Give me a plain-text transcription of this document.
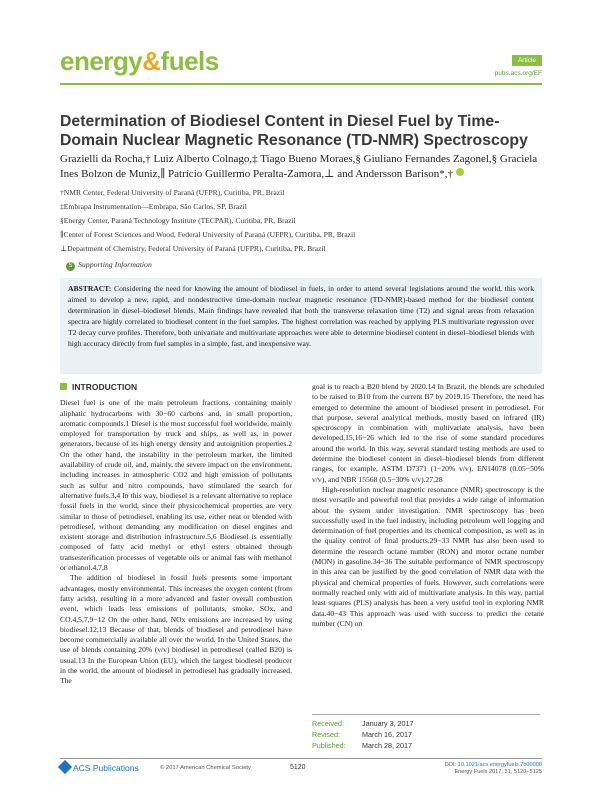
energy&fuels	Article
pubs.acs.org/EF
Determination of Biodiesel Content in Diesel Fuel by Time-Domain Nuclear Magnetic Resonance (TD-NMR) Spectroscopy
Grazielli da Rocha,† Luiz Alberto Colnago,‡ Tiago Bueno Moraes,§ Giuliano Fernandes Zagonel,§ Graciela Ines Bolzon de Muniz,∥ Patrício Guillermo Peralta-Zamora,⊥ and Andersson Barison*,†
†NMR Center, Federal University of Paraná (UFPR), Curitiba, PR, Brazil
‡Embrapa Instrumentation—Embrapa, São Carlos, SP, Brazil
§Energy Center, Paraná Technology Institute (TECPAR), Curitiba, PR, Brazil
∥Center of Forest Sciences and Wood, Federal University of Paraná (UFPR), Curitiba, PR, Brazil
⊥Department of Chemistry, Federal University of Paraná (UFPR), Curitiba, PR, Brazil
S Supporting Information
ABSTRACT: Considering the need for knowing the amount of biodiesel in fuels, in order to attend several legislations around the world, this work aimed to develop a new, rapid, and nondestructive time-domain nuclear magnetic resonance (TD-NMR)-based method for the biodiesel content determination in diesel–biodiesel blends. Main findings have revealed that both the transverse relaxation time (T2) and signal areas from relaxation spectra are highly correlated to biodiesel content in the fuel samples. The highest correlation was reached by applying PLS multivariate regression over T2 decay curve profiles. Therefore, both univariate and multivariate approaches were able to determine biodiesel content in diesel–biodiesel blends with high accuracy directly from fuel samples in a simple, fast, and inexpensive way.
INTRODUCTION

Diesel fuel is one of the main petroleum fractions, containing mainly aliphatic hydrocarbons with 30−60 carbons and, in small proportion, aromatic compounds.1 Diesel is the most successful fuel worldwide, mainly employed for transportation by truck and ships, as well as, in power generators, because of its high energy density and autoignition properties.2 On the other hand, the instability in the petroleum market, the limited availability of crude oil, and, mainly, the severe impact on the environment, including increases in atmospheric CO2 and high emission of pollutants such as sulfur and nitro compounds, have stimulated the search for alternative fuels.3,4 In this way, biodiesel is a relevant alternative to replace fossil fuels in the world, since their physicochemical properties are very similar to those of petrodiesel, enabling its use, either neat or blended with petrodiesel, without demanding any modification on diesel engines and existent storage and distribution infrastructure.5,6 Biodiesel is essentially composed of fatty acid methyl or ethyl esters obtained through transesterification processes of vegetable oils or animal fats with methanol or ethanol.4,7,8

The addition of biodiesel in fossil fuels presents some important advantages, mostly environmental. This increases the oxygen content (from fatty acids), resulting in a more advanced and faster overall combustion event, which leads less emissions of pollutants, smoke, SOx, and CO.4,5,7,9−12 On the other hand, NOx emissions are increased by using biodiesel.12,13 Because of that, blends of biodiesel and petrodiesel have become commercially available all over the world. In the United States, the use of blends containing 20% (v/v) biodiesel in petrodiesel (called B20) is usual.13 In the European Union (EU), which the largest biodiesel producer in the world, the amount of biodiesel in petrodiesel has gradually increased. The

goal is to reach a B20 blend by 2020.14 In Brazil, the blends are scheduled to be raised to B10 from the current B7 by 2019.15 Therefore, the need has emerged to determine the amount of biodiesel present in petrodiesel. For that purpose, several analytical methods, mostly based on infrared (IR) spectroscopy in combination with multivariate analysis, have been developed,15,16−26 which led to the rise of some standard procedures around the world. In this way, several standard testing methods are used to determine the biodiesel content in diesel–biodiesel blends from different ranges, for example, ASTM D7371 (1−20% v/v), EN14078 (0.05−50% v/v), and NBR 15568 (0.5−30% v/v).27,28

High-resolution nuclear magnetic resonance (NMR) spectroscopy is the most versatile and powerful tool that provides a wide range of information about the system under investigation. NMR spectroscopy has been successfully used in the fuel industry, including petroleum well logging and determination of fuel properties and its chemical composition, as well as in the quality control of final products.29−33 NMR has also been used to determine the research octane number (RON) and motor octane number (MON) in gasoline.34−36 The suitable performance of NMR spectroscopy in this area can be justified by the good correlation of NMR data with the physical and chemical properties of fuels. However, such correlations were normally reached only with aid of multivariate analysis. In this way, partial least squares (PLS) analysis has been a very useful tool in exploring NMR data.40−43 This approach was used with success to predict the cetane number (CN) on

Received:	January 3, 2017
Revised:	March 16, 2017
Published: March 28, 2017
ACS Publications	© 2017 American Chemical Society	5120	DOI: 10.1021/acs.energyfuels.7b00008
Energy Fuels 2017, 31, 5120−5125
